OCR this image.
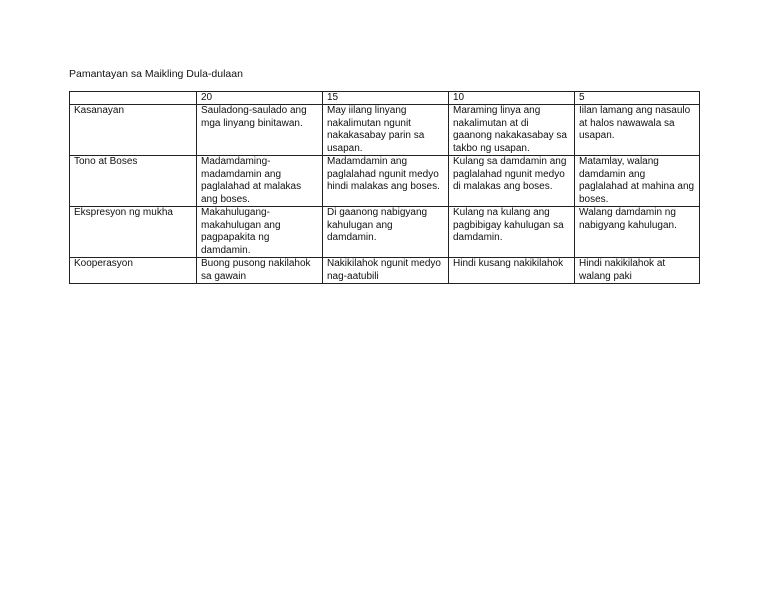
Pamantayan sa Maikling Dula-dulaan
	20	15	10	5

Kasanayan	Sauladong-saulado ang mga linyang binitawan.	May iilang linyang nakalimutan ngunit nakakasabay parin sa usapan.	Maraming linya ang nakalimutan at di gaanong nakakasabay sa takbo ng usapan.	Iilan lamang ang nasaulo at halos nawawala sa usapan.

Tono at Boses	Madamdaming-madamdamin ang paglalahad at malakas ang boses.	Madamdamin ang paglalahad ngunit medyo hindi malakas ang boses.	Kulang sa damdamin ang paglalahad ngunit medyo di malakas ang boses.	Matamlay, walang damdamin ang paglalahad at mahina ang boses.

Ekspresyon ng mukha	Makahulugang-makahulugan ang pagpapakita ng damdamin.	Di gaanong nabigyang kahulugan ang damdamin.	Kulang na kulang ang pagbibigay kahulugan sa damdamin.	Walang damdamin ng nabigyang kahulugan.

Kooperasyon	Buong pusong nakilahok sa gawain	Nakikilahok ngunit medyo nag-aatubili	Hindi kusang nakikilahok	Hindi nakikilahok at walang paki
